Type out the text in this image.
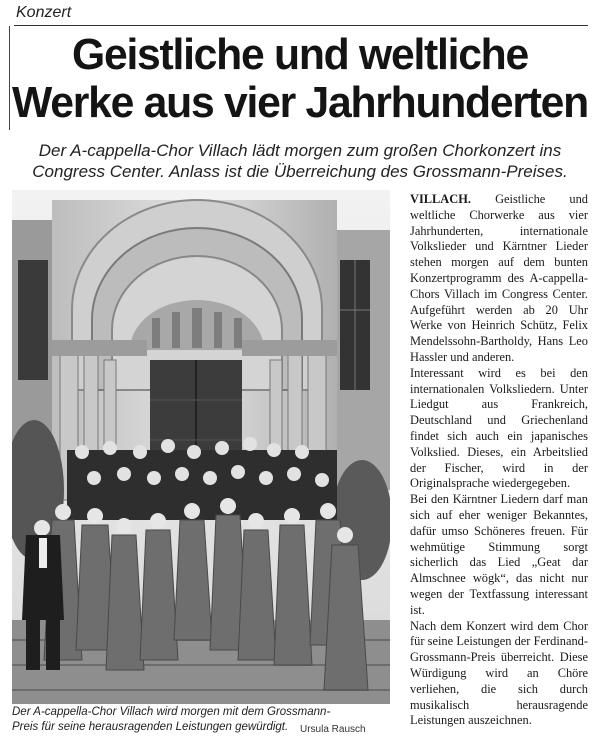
Konzert
Geistliche und weltliche
Werke aus vier Jahrhunderten
Der A-cappella-Chor Villach lädt morgen zum großen Chorkonzert ins
Congress Center. Anlass ist die Überreichung des Grossmann-Preises.
Der A-cappella-Chor Villach wird morgen mit dem Grossmann-
Preis für seine herausragenden Leistungen gewürdigt.	Ursula Rausch

VILLACH. Geistliche und weltliche Chorwerke aus vier Jahrhunderten, internationale Volkslieder und Kärntner Lieder stehen morgen auf dem bunten Konzertprogramm des A-cappella-Chors Villach im Congress Center. Aufgeführt werden ab 20 Uhr Werke von Heinrich Schütz, Felix Mendelssohn-Bartholdy, Hans Leo Hassler und anderen.

Interessant wird es bei den internationalen Volksliedern. Unter Liedgut aus Frankreich, Deutschland und Griechenland findet sich auch ein japanisches Volkslied. Dieses, ein Arbeitslied der Fischer, wird in der Originalsprache wiedergegeben.

Bei den Kärntner Liedern darf man sich auf eher weniger Bekanntes, dafür umso Schöneres freuen. Für wehmütige Stimmung sorgt sicherlich das Lied „Geat dar Almschnee wögk“, das nicht nur wegen der Textfassung interessant ist.

Nach dem Konzert wird dem Chor für seine Leistungen der Ferdinand-Grossmann-Preis überreicht. Diese Würdigung wird an Chöre verliehen, die sich durch musikalisch herausragende Leistungen auszeichnen.
